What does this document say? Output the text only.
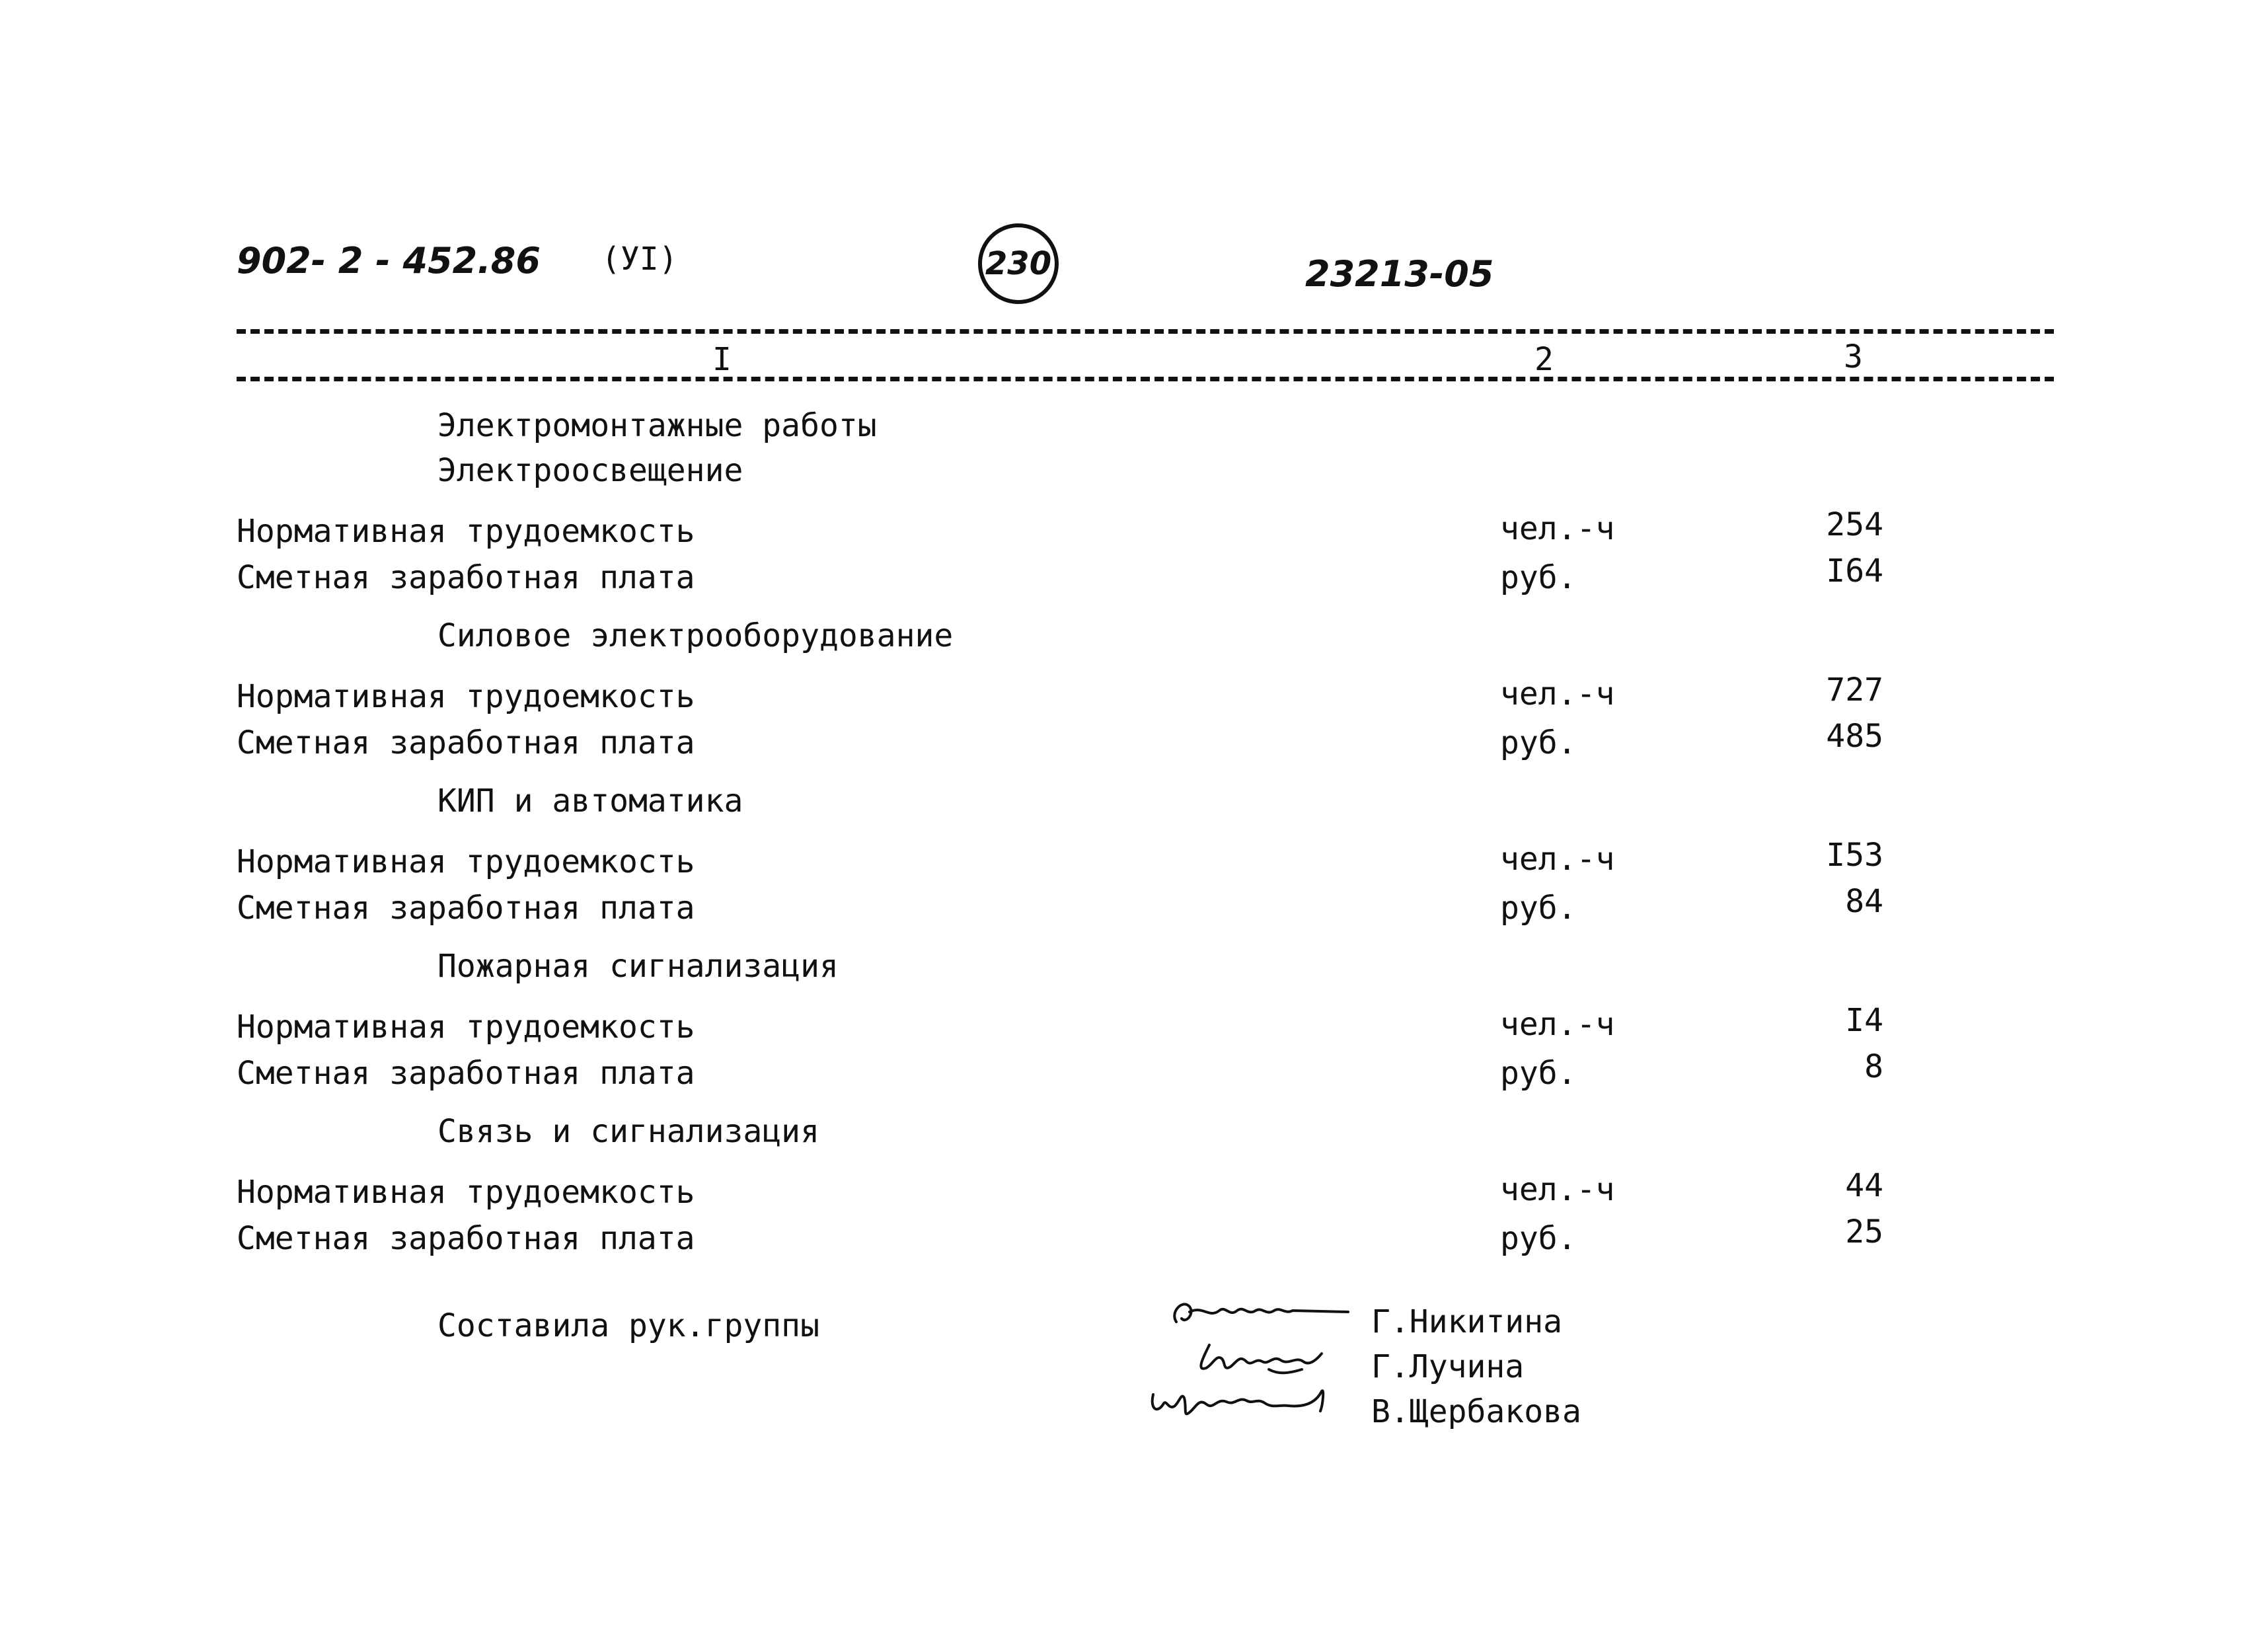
902- 2 - 452.86 (УI)	230	23213-05
I	2	3
Электромонтажные работы
Электроосвещение
Нормативная трудоемкость	чел.-ч	254
Сметная заработная плата	руб.	I64
Силовое электрооборудование
Нормативная трудоемкость	чел.-ч	727
Сметная заработная плата	руб.	485
КИП и автоматика
Нормативная трудоемкость	чел.-ч	I53
Сметная заработная плата	руб.	84
Пожарная сигнализация
Нормативная трудоемкость	чел.-ч	I4
Сметная заработная плата	руб.	8
Связь и сигнализация
Нормативная трудоемкость	чел.-ч	44
Сметная заработная плата	руб.	25
Составила рук.группы	Г.Никитина
Г.Лучина
В.Щербакова
